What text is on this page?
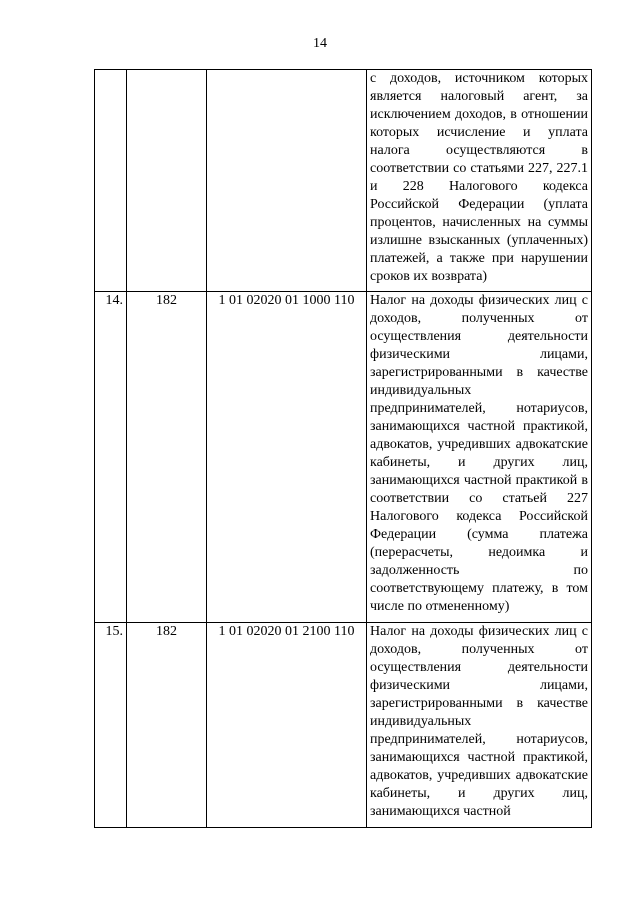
14

			с доходов, источником которых является налоговый агент, за исключением доходов, в отношении которых исчисление и уплата налога осуществляются в соответствии со статьями 227, 227.1 и 228 Налогового кодекса Российской Федерации (уплата процентов, начисленных на суммы излишне взысканных (уплаченных) платежей, а также при нарушении сроков их возврата)

14.	182	1 01 02020 01 1000 110	Налог на доходы физических лиц с доходов, полученных от осуществления деятельности физическими лицами, зарегистрированными в качестве индивидуальных предпринимателей, нотариусов, занимающихся частной практикой, адвокатов, учредивших адвокатские кабинеты, и других лиц, занимающихся частной практикой в соответствии со статьей 227 Налогового кодекса Российской Федерации (сумма платежа (перерасчеты, недоимка и задолженность по соответствующему платежу, в том числе по отмененному)

15.	182	1 01 02020 01 2100 110	Налог на доходы физических лиц с доходов, полученных от осуществления деятельности физическими лицами, зарегистрированными в качестве индивидуальных предпринимателей, нотариусов, занимающихся частной практикой, адвокатов, учредивших адвокатские кабинеты, и других лиц, занимающихся частной
